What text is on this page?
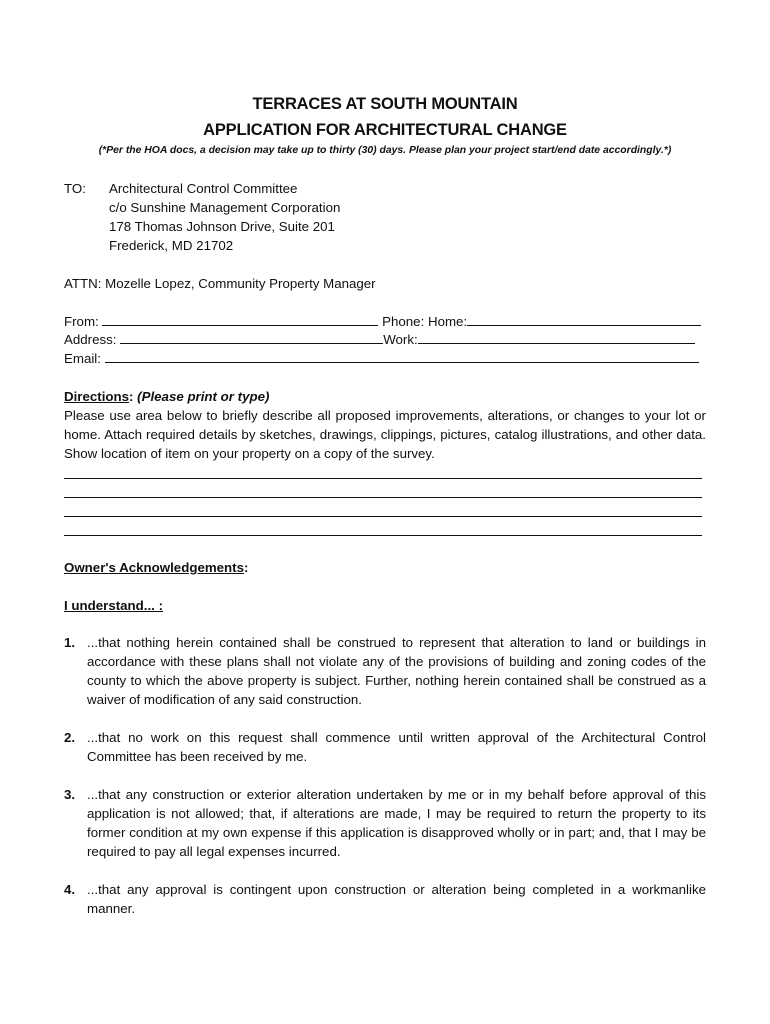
TERRACES AT SOUTH MOUNTAIN
APPLICATION FOR ARCHITECTURAL CHANGE
(*Per the HOA docs, a decision may take up to thirty (30) days. Please plan your project start/end date accordingly.*)
TO: Architectural Control Committee
c/o Sunshine Management Corporation
178 Thomas Johnson Drive, Suite 201
Frederick, MD 21702
ATTN: Mozelle Lopez, Community Property Manager
From:	Phone: Home:
Address:	Work:
Email:
Directions: (Please print or type)
Please use area below to briefly describe all proposed improvements, alterations, or changes to your lot or home. Attach required details by sketches, drawings, clippings, pictures, catalog illustrations, and other data. Show location of item on your property on a copy of the survey.
Owner's Acknowledgements:
I understand... :
1. ...that nothing herein contained shall be construed to represent that alteration to land or buildings in accordance with these plans shall not violate any of the provisions of building and zoning codes of the county to which the above property is subject. Further, nothing herein contained shall be construed as a waiver of modification of any said construction.
2. ...that no work on this request shall commence until written approval of the Architectural Control Committee has been received by me.
3. ...that any construction or exterior alteration undertaken by me or in my behalf before approval of this application is not allowed; that, if alterations are made, I may be required to return the property to its former condition at my own expense if this application is disapproved wholly or in part; and, that I may be required to pay all legal expenses incurred.
4. ...that any approval is contingent upon construction or alteration being completed in a workmanlike manner.
